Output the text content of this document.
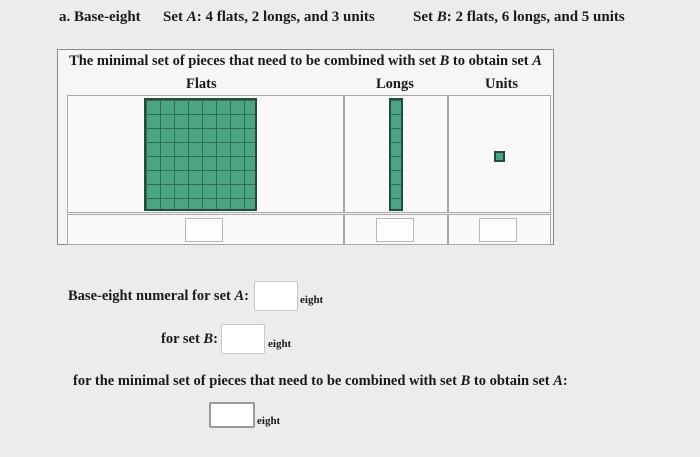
a. Base-eight Set A: 4 flats, 2 longs, and 3 units	Set B: 2 flats, 6 longs, and 5 units
The minimal set of pieces that need to be combined with set B to obtain set A
Flats	Longs	Units
Base-eight numeral for set A:	eight
for set B:	eight
for the minimal set of pieces that need to be combined with set B to obtain set A:
eight
